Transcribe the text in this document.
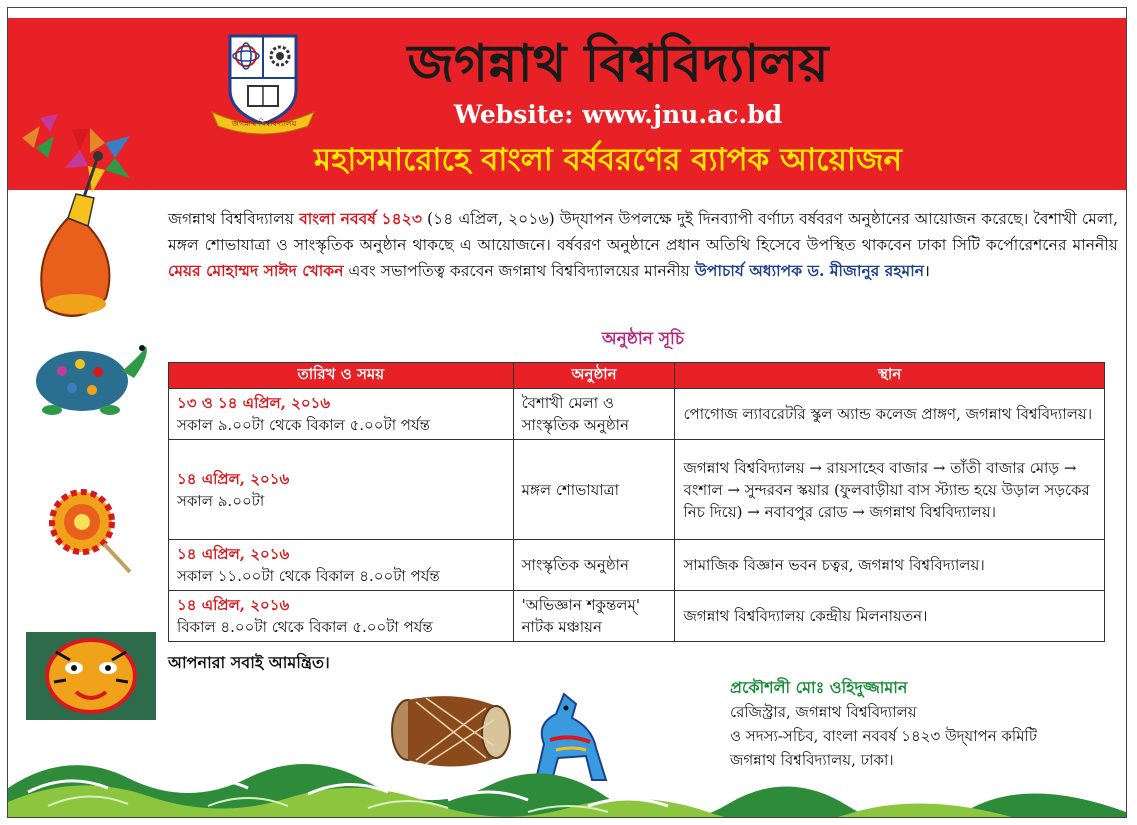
জগন্নাথ বিশ্ববিদ্যালয়
জগন্নাথ বিশ্ববিদ্যালয়
Website: www.jnu.ac.bd
মহাসমারোহে বাংলা বর্ষবরণের ব্যাপক আয়োজন
জগন্নাথ বিশ্ববিদ্যালয় বাংলা নববর্ষ ১৪২৩ (১৪ এপ্রিল, ২০১৬) উদ্‌যাপন উপলক্ষে দুই দিনব্যাপী বর্ণাঢ্য বর্ষবরণ অনুষ্ঠানের আয়োজন করেছে। বৈশাখী মেলা, মঙ্গল শোভাযাত্রা ও সাংস্কৃতিক অনুষ্ঠান থাকছে এ আয়োজনে। বর্ষবরণ অনুষ্ঠানে প্রধান অতিথি হিসেবে উপস্থিত থাকবেন ঢাকা সিটি কর্পোরেশনের মাননীয় মেয়র মোহাম্মদ সাঈদ খোকন এবং সভাপতিত্ব করবেন জগন্নাথ বিশ্ববিদ্যালয়ের মাননীয় উপাচার্য অধ্যাপক ড. মীজানুর রহমান।
অনুষ্ঠান সূচি
তারিখ ও সময়	অনুষ্ঠান	স্থান

১৩ ও ১৪ এপ্রিল, ২০১৬
সকাল ৯.০০টা থেকে বিকাল ৫.০০টা পর্যন্ত	বৈশাখী মেলা ও সাংস্কৃতিক অনুষ্ঠান	পোগোজ ল্যাবরেটরি স্কুল অ্যান্ড কলেজ প্রাঙ্গণ, জগন্নাথ বিশ্ববিদ্যালয়।

১৪ এপ্রিল, ২০১৬
সকাল ৯.০০টা	মঙ্গল শোভাযাত্রা	জগন্নাথ বিশ্ববিদ্যালয় → রায়সাহেব বাজার → তাঁতী বাজার মোড় → বংশাল → সুন্দরবন স্কয়ার (ফুলবাড়ীয়া বাস স্ট্যান্ড হয়ে উড়াল সড়কের নিচ দিয়ে) → নবাবপুর রোড → জগন্নাথ বিশ্ববিদ্যালয়।

১৪ এপ্রিল, ২০১৬
সকাল ১১.০০টা থেকে বিকাল ৪.০০টা পর্যন্ত	সাংস্কৃতিক অনুষ্ঠান	সামাজিক বিজ্ঞান ভবন চত্বর, জগন্নাথ বিশ্ববিদ্যালয়।

১৪ এপ্রিল, ২০১৬
বিকাল ৪.০০টা থেকে বিকাল ৫.০০টা পর্যন্ত	'অভিজ্ঞান শকুন্তলম্‌' নাটক মঞ্চায়ন	জগন্নাথ বিশ্ববিদ্যালয় কেন্দ্রীয় মিলনায়তন।
আপনারা সবাই আমন্ত্রিত।
প্রকৌশলী মোঃ ওহিদুজ্জামান
রেজিস্ট্রার, জগন্নাথ বিশ্ববিদ্যালয়
ও সদস্য-সচিব, বাংলা নববর্ষ ১৪২৩ উদ্‌যাপন কমিটি
জগন্নাথ বিশ্ববিদ্যালয়, ঢাকা।
